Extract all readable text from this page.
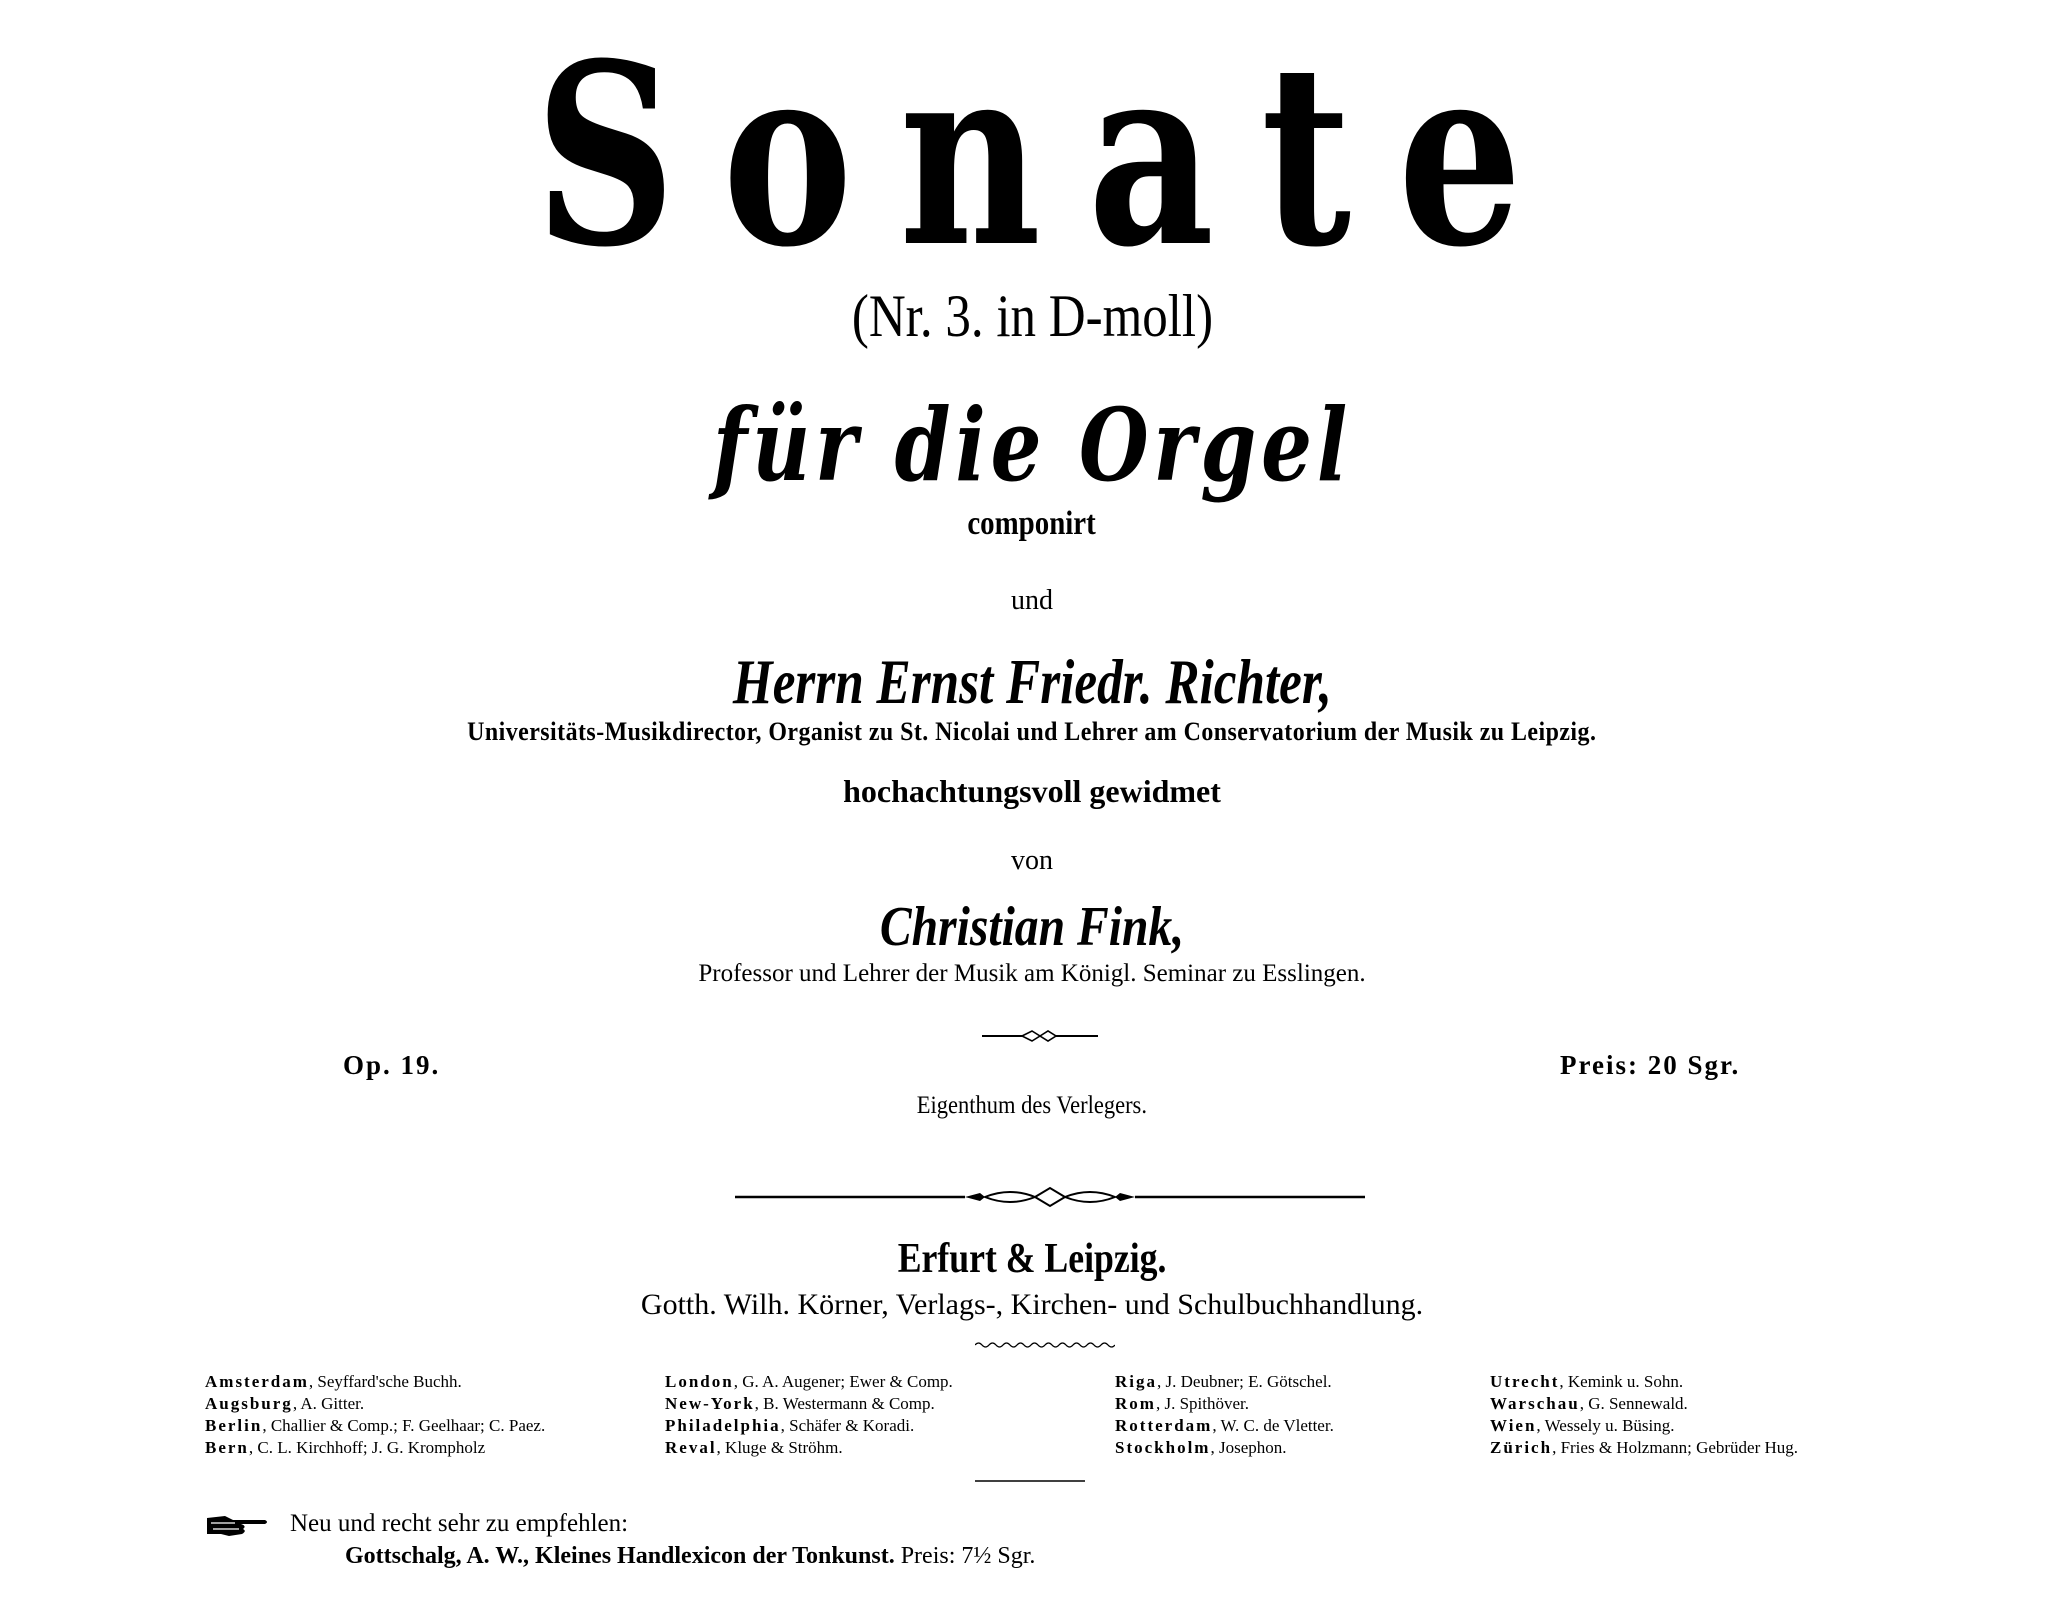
Sonate
(Nr. 3. in D-moll)
für die Orgel
componirt
und
Herrn Ernst Friedr. Richter,
Universitäts-Musikdirector, Organist zu St. Nicolai und Lehrer am Conservatorium der Musik zu Leipzig.
hochachtungsvoll gewidmet
von
Christian Fink,
Professor und Lehrer der Musik am Königl. Seminar zu Esslingen.
Op. 19.	Preis: 20 Sgr.
Eigenthum des Verlegers.
Erfurt & Leipzig.
Gotth. Wilh. Körner, Verlags-, Kirchen- und Schulbuchhandlung.
Amsterdam, Seyffard'sche Buchh.
Augsburg, A. Gitter.
Berlin, Challier & Comp.; F. Geelhaar; C. Paez.
Bern, C. L. Kirchhoff; J. G. Krompholz
London, G. A. Augener; Ewer & Comp.
New-York, B. Westermann & Comp.
Philadelphia, Schäfer & Koradi.
Reval, Kluge & Ströhm.
Riga, J. Deubner; E. Götschel.
Rom, J. Spithöver.
Rotterdam, W. C. de Vletter.
Stockholm, Josephon.
Utrecht, Kemink u. Sohn.
Warschau, G. Sennewald.
Wien, Wessely u. Büsing.
Zürich, Fries & Holzmann; Gebrüder Hug.
Neu und recht sehr zu empfehlen:
Gottschalg, A. W., Kleines Handlexicon der Tonkunst. Preis: 7½ Sgr.
